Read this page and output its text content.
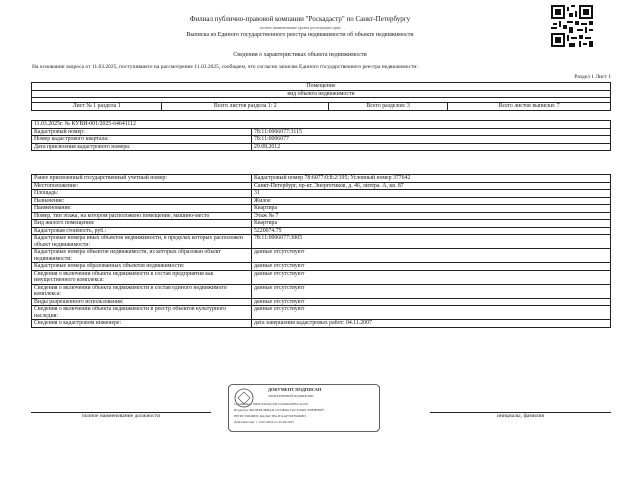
Филиал публично-правовой компании "Роскадастр" по Санкт-Петербургу
полное наименование органа регистрации прав
Выписка из Единого государственного реестра недвижимости об объекте недвижимости
Сведения о характеристиках объекта недвижимости
На основании запроса от 11.03.2025, поступившего на рассмотрение 11.03.2025, сообщаем, что согласно записям Единого государственного реестра недвижимости:
Раздел 1 Лист 1
Помещение
вид объекта недвижимости

Лист № 1 раздела 1	Всего листов раздела 1: 2	Всего разделов: 3	Всего листов выписки: 7
11.03.2025г. № КУВИ-001/2025-64641112	
Кадастровый номер:	78:11:0006077:3115
Номер кадастрового квартала:	78:11:0006077
Дата присвоения кадастрового номера:	29.08.2012
Ранее присвоенный государственный учетный номер:	Кадастровый номер 78:6077:0:8:2/195; Условный номер 377642
Местоположение:	Санкт-Петербург, пр-кт. Энергетиков, д. 46, литера. А, кв. 87
Площадь:	31
Назначение:	Жилое
Наименование:	Квартира
Номер, тип этажа, на котором расположено помещение, машино-место	Этаж № 7
Вид жилого помещения:	Квартира
Кадастровая стоимость, руб.:	5220074.75
Кадастровые номера иных объектов недвижимости, в пределах которых расположен объект недвижимости:	78:11:0006077:3005
Кадастровые номера объектов недвижимости, из которых образован объект недвижимости:	данные отсутствуют
Кадастровые номера образованных объектов недвижимости:	данные отсутствуют
Сведения о включении объекта недвижимости в состав предприятия как имущественного комплекса:	данные отсутствуют
Сведения о включении объекта недвижимости в состав единого недвижимого комплекса:	данные отсутствуют
Виды разрешенного использования:	данные отсутствуют
Сведения о включении объекта недвижимости в реестр объектов культурного наследия:	данные отсутствуют
Сведения о кадастровом инженере:	дата завершения кадастровых работ: 04.11.2007
ДОКУМЕНТ ПОДПИСАН
ЭЛЕКТРОННОЙ ПОДПИСЬЮ
Сертификат: 00b8c3d5e0a1f4b7c2e9d6a3f8b1c4e7d2
Владелец: ФЕДЕРАЛЬНАЯ СЛУЖБА ГОСУДАРСТВЕННОЙ
РЕГИСТРАЦИИ, КАДАСТРА И КАРТОГРАФИИ
Действителен: с 12.03.2024 по 05.06.2025
полное наименование должности	инициалы, фамилия
